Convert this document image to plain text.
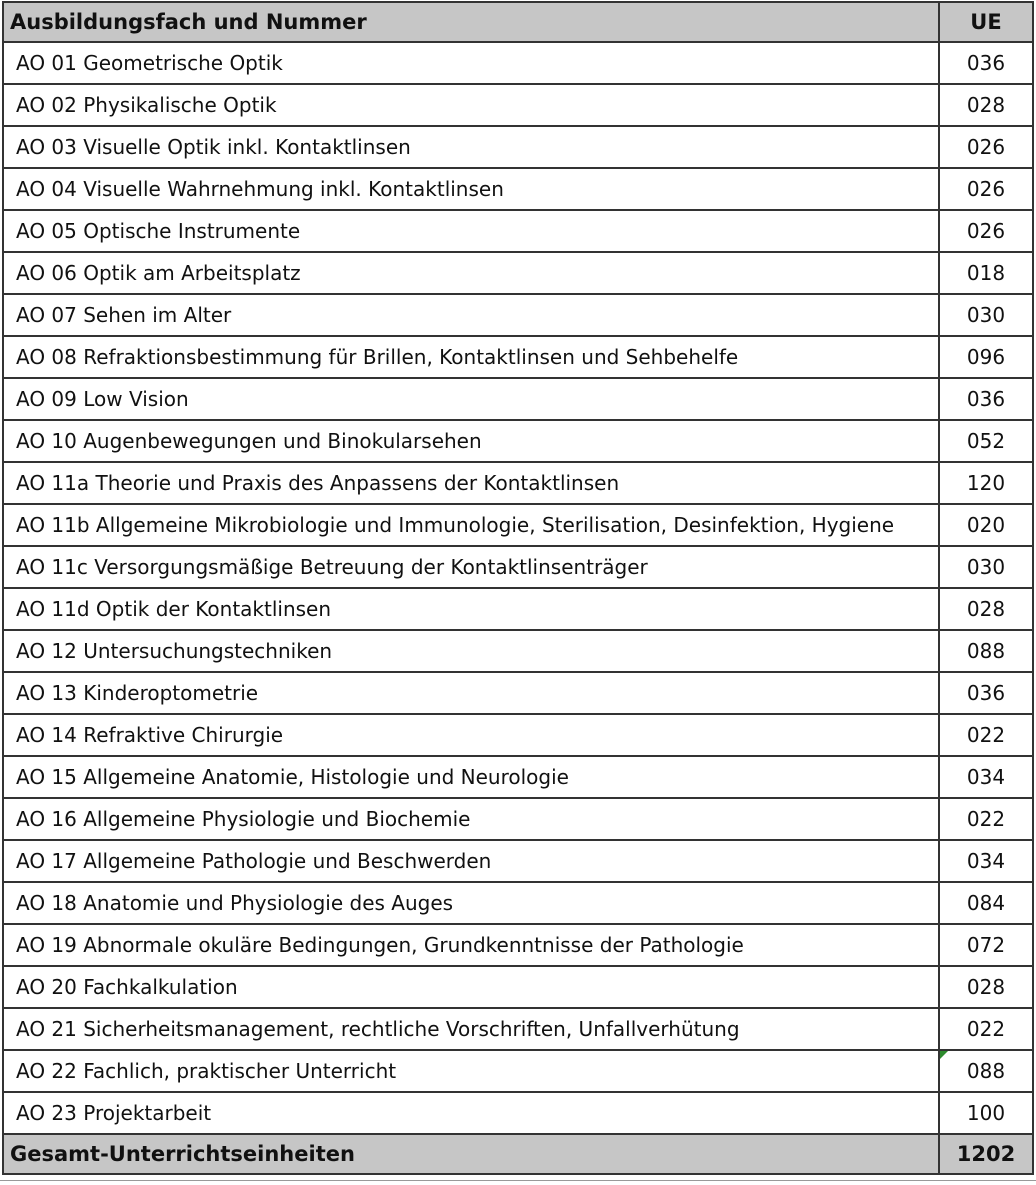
Ausbildungsfach und Nummer	UE
AO 01 Geometrische Optik	036
AO 02 Physikalische Optik	028
AO 03 Visuelle Optik inkl. Kontaktlinsen	026
AO 04 Visuelle Wahrnehmung inkl. Kontaktlinsen	026
AO 05 Optische Instrumente	026
AO 06 Optik am Arbeitsplatz	018
AO 07 Sehen im Alter	030
AO 08 Refraktionsbestimmung für Brillen, Kontaktlinsen und Sehbehelfe	096
AO 09 Low Vision	036
AO 10 Augenbewegungen und Binokularsehen	052
AO 11a Theorie und Praxis des Anpassens der Kontaktlinsen	120
AO 11b Allgemeine Mikrobiologie und Immunologie, Sterilisation, Desinfektion, Hygiene	020
AO 11c Versorgungsmäßige Betreuung der Kontaktlinsenträger	030
AO 11d Optik der Kontaktlinsen	028
AO 12 Untersuchungstechniken	088
AO 13 Kinderoptometrie	036
AO 14 Refraktive Chirurgie	022
AO 15 Allgemeine Anatomie, Histologie und Neurologie	034
AO 16 Allgemeine Physiologie und Biochemie	022
AO 17 Allgemeine Pathologie und Beschwerden	034
AO 18 Anatomie und Physiologie des Auges	084
AO 19 Abnormale okuläre Bedingungen, Grundkenntnisse der Pathologie	072
AO 20 Fachkalkulation	028
AO 21 Sicherheitsmanagement, rechtliche Vorschriften, Unfallverhütung	022
AO 22 Fachlich, praktischer Unterricht	088
AO 23 Projektarbeit	100
Gesamt-Unterrichtseinheiten	1202
